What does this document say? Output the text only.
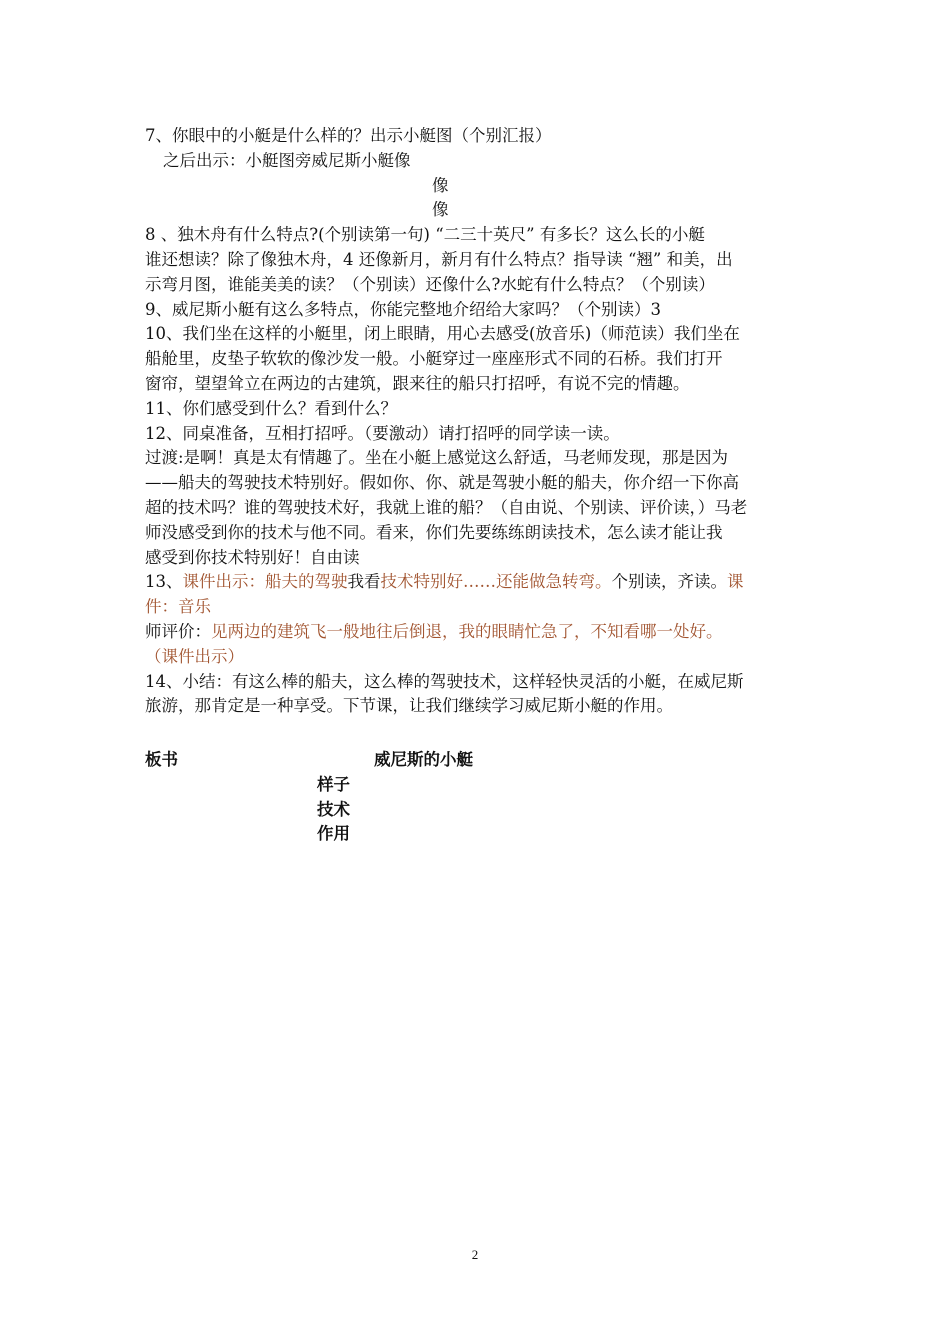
7、你眼中的小艇是什么样的？出示小艇图（个别汇报）
之后出示：小艇图旁威尼斯小艇像
像
像
8 、独木舟有什么特点?(个别读第一句) “二三十英尺” 有多长？这么长的小艇
谁还想读？除了像独木舟，4 还像新月，新月有什么特点？指导读 “翘” 和美，出
示弯月图，谁能美美的读？（个别读）还像什么?水蛇有什么特点？（个别读）
9、威尼斯小艇有这么多特点，你能完整地介绍给大家吗？（个别读）3
10、我们坐在这样的小艇里，闭上眼睛，用心去感受(放音乐)（师范读）我们坐在
船舱里，皮垫子软软的像沙发一般。小艇穿过一座座形式不同的石桥。我们打开
窗帘，望望耸立在两边的古建筑，跟来往的船只打招呼，有说不完的情趣。
11、你们感受到什么？看到什么？
12、同桌准备，互相打招呼。（要激动）请打招呼的同学读一读。
过渡:是啊！真是太有情趣了。坐在小艇上感觉这么舒适，马老师发现，那是因为
——船夫的驾驶技术特别好。假如你、你、就是驾驶小艇的船夫，你介绍一下你高
超的技术吗？谁的驾驶技术好，我就上谁的船？（自由说、个别读、评价读，）马老
师没感受到你的技术与他不同。看来，你们先要练练朗读技术，怎么读才能让我
感受到你技术特别好！自由读
13、课件出示：船夫的驾驶我看技术特别好……还能做急转弯。个别读，齐读。课
件：音乐
师评价：见两边的建筑飞一般地往后倒退，我的眼睛忙急了，不知看哪一处好。
（课件出示）
14、小结：有这么棒的船夫，这么棒的驾驶技术，这样轻快灵活的小艇，在威尼斯
旅游，那肯定是一种享受。下节课，让我们继续学习威尼斯小艇的作用。
板书	威尼斯的小艇
样子
技术
作用
2
